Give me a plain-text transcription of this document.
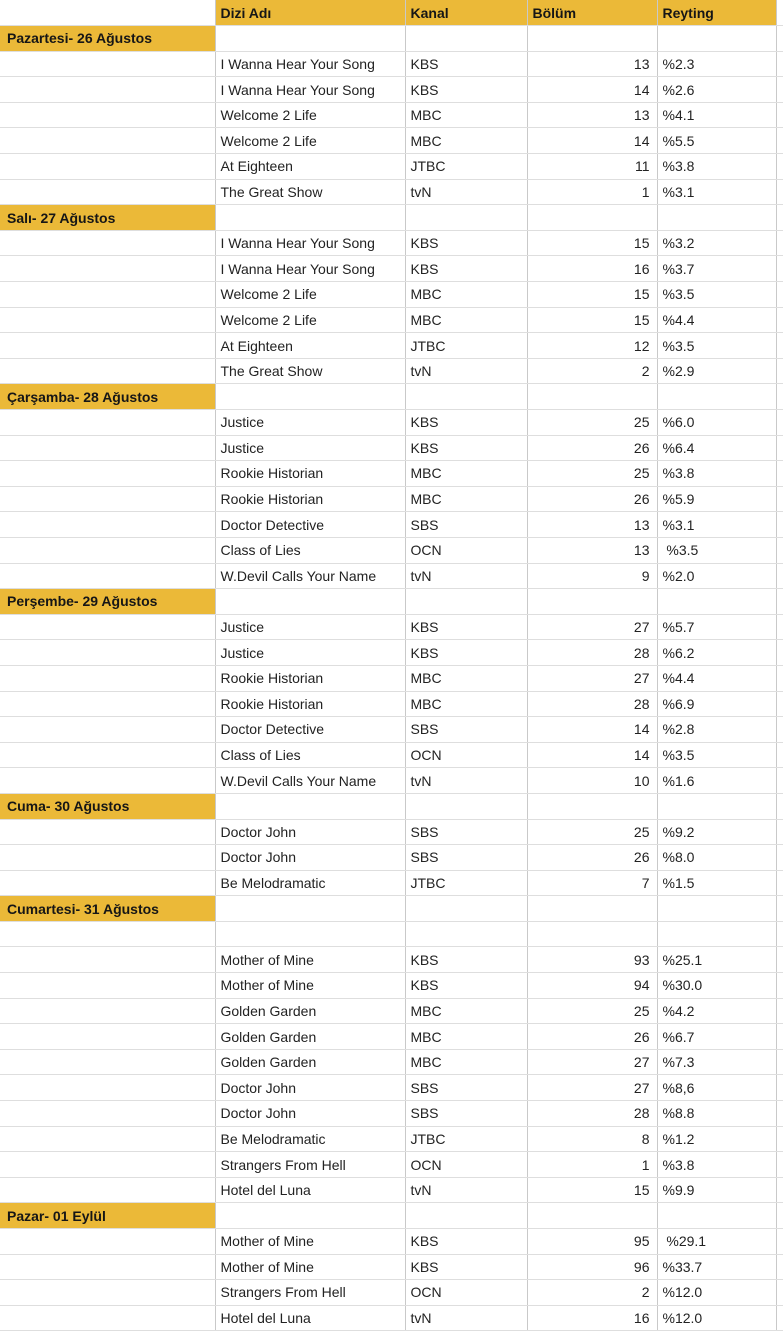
	Dizi Adı	Kanal	Bölüm	Reyting	
Pazartesi- 26 Ağustos					
	I Wanna Hear Your Song	KBS	13	%2.3	
	I Wanna Hear Your Song	KBS	14	%2.6	
	Welcome 2 Life	MBC	13	%4.1	
	Welcome 2 Life	MBC	14	%5.5	
	At Eighteen	JTBC	11	%3.8	
	The Great Show	tvN	1	%3.1	
Salı- 27 Ağustos					
	I Wanna Hear Your Song	KBS	15	%3.2	
	I Wanna Hear Your Song	KBS	16	%3.7	
	Welcome 2 Life	MBC	15	%3.5	
	Welcome 2 Life	MBC	15	%4.4	
	At Eighteen	JTBC	12	%3.5	
	The Great Show	tvN	2	%2.9	
Çarşamba- 28 Ağustos					
	Justice	KBS	25	%6.0	
	Justice	KBS	26	%6.4	
	Rookie Historian	MBC	25	%3.8	
	Rookie Historian	MBC	26	%5.9	
	Doctor Detective	SBS	13	%3.1	
	Class of Lies	OCN	13	%3.5	
	W.Devil Calls Your Name	tvN	9	%2.0	
Perşembe- 29 Ağustos					
	Justice	KBS	27	%5.7	
	Justice	KBS	28	%6.2	
	Rookie Historian	MBC	27	%4.4	
	Rookie Historian	MBC	28	%6.9	
	Doctor Detective	SBS	14	%2.8	
	Class of Lies	OCN	14	%3.5	
	W.Devil Calls Your Name	tvN	10	%1.6	
Cuma- 30 Ağustos					
	Doctor John	SBS	25	%9.2	
	Doctor John	SBS	26	%8.0	
	Be Melodramatic	JTBC	7	%1.5	
Cumartesi- 31 Ağustos					

	Mother of Mine	KBS	93	%25.1	
	Mother of Mine	KBS	94	%30.0	
	Golden Garden	MBC	25	%4.2	
	Golden Garden	MBC	26	%6.7	
	Golden Garden	MBC	27	%7.3	
	Doctor John	SBS	27	%8,6	
	Doctor John	SBS	28	%8.8	
	Be Melodramatic	JTBC	8	%1.2	
	Strangers From Hell	OCN	1	%3.8	
	Hotel del Luna	tvN	15	%9.9	
Pazar- 01 Eylül					
	Mother of Mine	KBS	95	%29.1	
	Mother of Mine	KBS	96	%33.7	
	Strangers From Hell	OCN	2	%12.0	
	Hotel del Luna	tvN	16	%12.0	
